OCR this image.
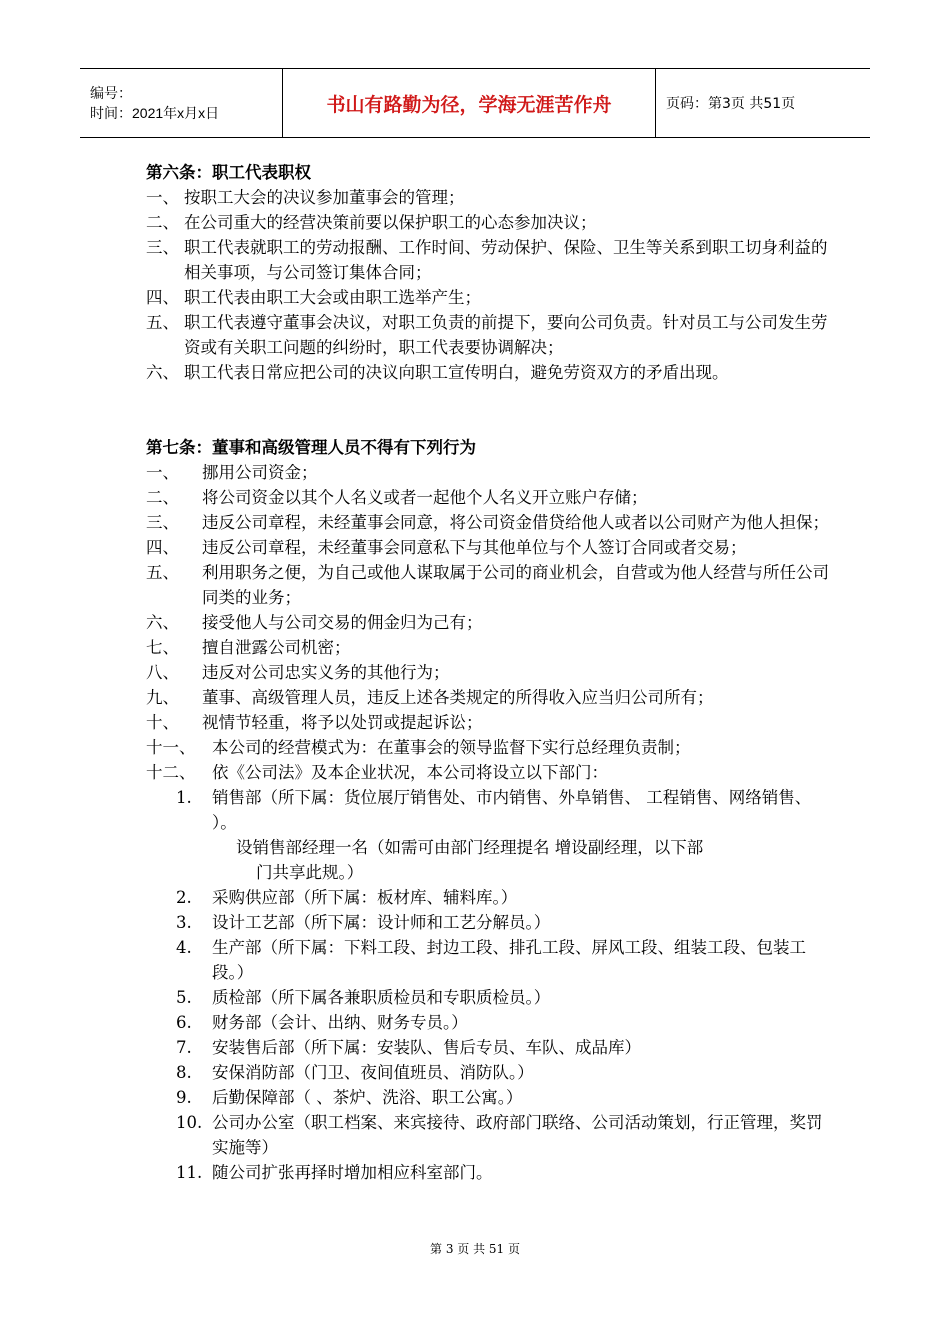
编号：
时间：2021年x月x日	书山有路勤为径，学海无涯苦作舟	页码：第3页 共51页
第六条：职工代表职权
一、 按职工大会的决议参加董事会的管理；
二、 在公司重大的经营决策前要以保护职工的心态参加决议；
三、 职工代表就职工的劳动报酬、工作时间、劳动保护、保险、卫生等关系到职工切身利益的相关事项，与公司签订集体合同；
四、 职工代表由职工大会或由职工选举产生；
五、 职工代表遵守董事会决议，对职工负责的前提下，要向公司负责。针对员工与公司发生劳资或有关职工问题的纠纷时，职工代表要协调解决；
六、 职工代表日常应把公司的决议向职工宣传明白，避免劳资双方的矛盾出现。
第七条：董事和高级管理人员不得有下列行为
一、	挪用公司资金；
二、	将公司资金以其个人名义或者一起他个人名义开立账户存储；
三、	违反公司章程，未经董事会同意，将公司资金借贷给他人或者以公司财产为他人担保；
四、	违反公司章程，未经董事会同意私下与其他单位与个人签订合同或者交易；
五、	利用职务之便，为自己或他人谋取属于公司的商业机会，自营或为他人经营与所任公司同类的业务；
六、	接受他人与公司交易的佣金归为己有；
七、	擅自泄露公司机密；
八、	违反对公司忠实义务的其他行为；
九、	董事、高级管理人员，违反上述各类规定的所得收入应当归公司所有；
十、	视情节轻重，将予以处罚或提起诉讼；
十一、	本公司的经营模式为：在董事会的领导监督下实行总经理负责制；
十二、	依《公司法》及本企业状况，本公司将设立以下部门：
1.	销售部（所下属：货位展厅销售处、市内销售、外阜销售、 工程销售、网络销售、 ）。
设销售部经理一名（如需可由部门经理提名 增设副经理，以下部
门共享此规。）
2.	采购供应部（所下属：板材库、辅料库。）
3.	设计工艺部（所下属：设计师和工艺分解员。）
4.	生产部（所下属：下料工段、封边工段、排孔工段、屏风工段、组装工段、包装工段。）
5.	质检部（所下属各兼职质检员和专职质检员。）
6.	财务部（会计、出纳、财务专员。）
7.	安装售后部（所下属：安装队、售后专员、车队、成品库）
8.	安保消防部（门卫、夜间值班员、消防队。）
9.	后勤保障部（ 、茶炉、洗浴、职工公寓。）
10. 公司办公室（职工档案、来宾接待、政府部门联络、公司活动策划，行正管理，奖罚实施等）
11. 随公司扩张再择时增加相应科室部门。
第 3 页 共 51 页
